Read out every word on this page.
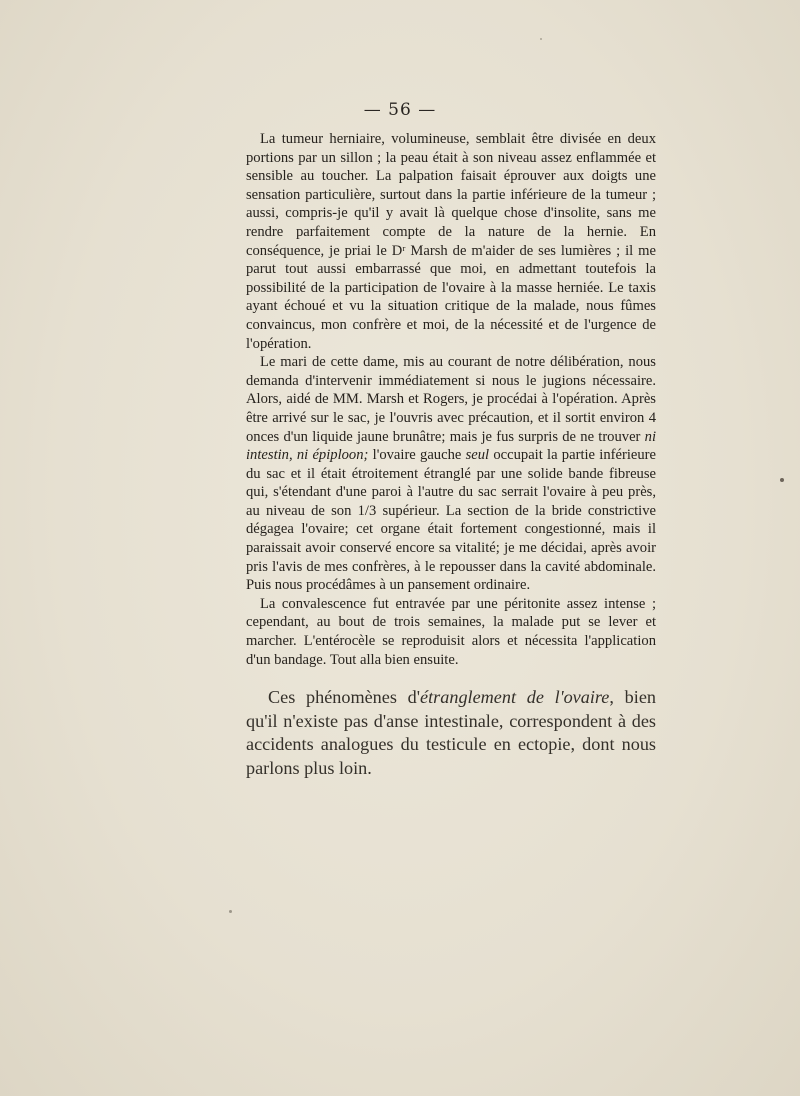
— 56 —

La tumeur herniaire, volumineuse, semblait être divisée en deux portions par un sillon ; la peau était à son niveau assez enflammée et sensible au toucher. La palpation faisait éprouver aux doigts une sensation particulière, surtout dans la partie inférieure de la tumeur ; aussi, compris-je qu'il y avait là quelque chose d'insolite, sans me rendre parfaitement compte de la nature de la hernie. En conséquence, je priai le Dʳ Marsh de m'aider de ses lumières ; il me parut tout aussi embarrassé que moi, en admettant toutefois la possibilité de la participation de l'ovaire à la masse herniée. Le taxis ayant échoué et vu la situation critique de la malade, nous fûmes convaincus, mon confrère et moi, de la nécessité et de l'urgence de l'opération.

Le mari de cette dame, mis au courant de notre délibération, nous demanda d'intervenir immédiatement si nous le jugions nécessaire. Alors, aidé de MM. Marsh et Rogers, je procédai à l'opération. Après être arrivé sur le sac, je l'ouvris avec précaution, et il sortit environ 4 onces d'un liquide jaune brunâtre; mais je fus surpris de ne trouver ni intestin, ni épiploon; l'ovaire gauche seul occupait la partie inférieure du sac et il était étroitement étranglé par une solide bande fibreuse qui, s'étendant d'une paroi à l'autre du sac serrait l'ovaire à peu près, au niveau de son 1/3 supérieur. La section de la bride constrictive dégagea l'ovaire; cet organe était fortement congestionné, mais il paraissait avoir conservé encore sa vitalité; je me décidai, après avoir pris l'avis de mes confrères, à le repousser dans la cavité abdominale. Puis nous procédâmes à un pansement ordinaire.

La convalescence fut entravée par une péritonite assez intense ; cependant, au bout de trois semaines, la malade put se lever et marcher. L'entérocèle se reproduisit alors et nécessita l'application d'un bandage. Tout alla bien ensuite.

Ces phénomènes d'étranglement de l'ovaire, bien qu'il n'existe pas d'anse intestinale, correspondent à des accidents analogues du testicule en ectopie, dont nous parlons plus loin.
